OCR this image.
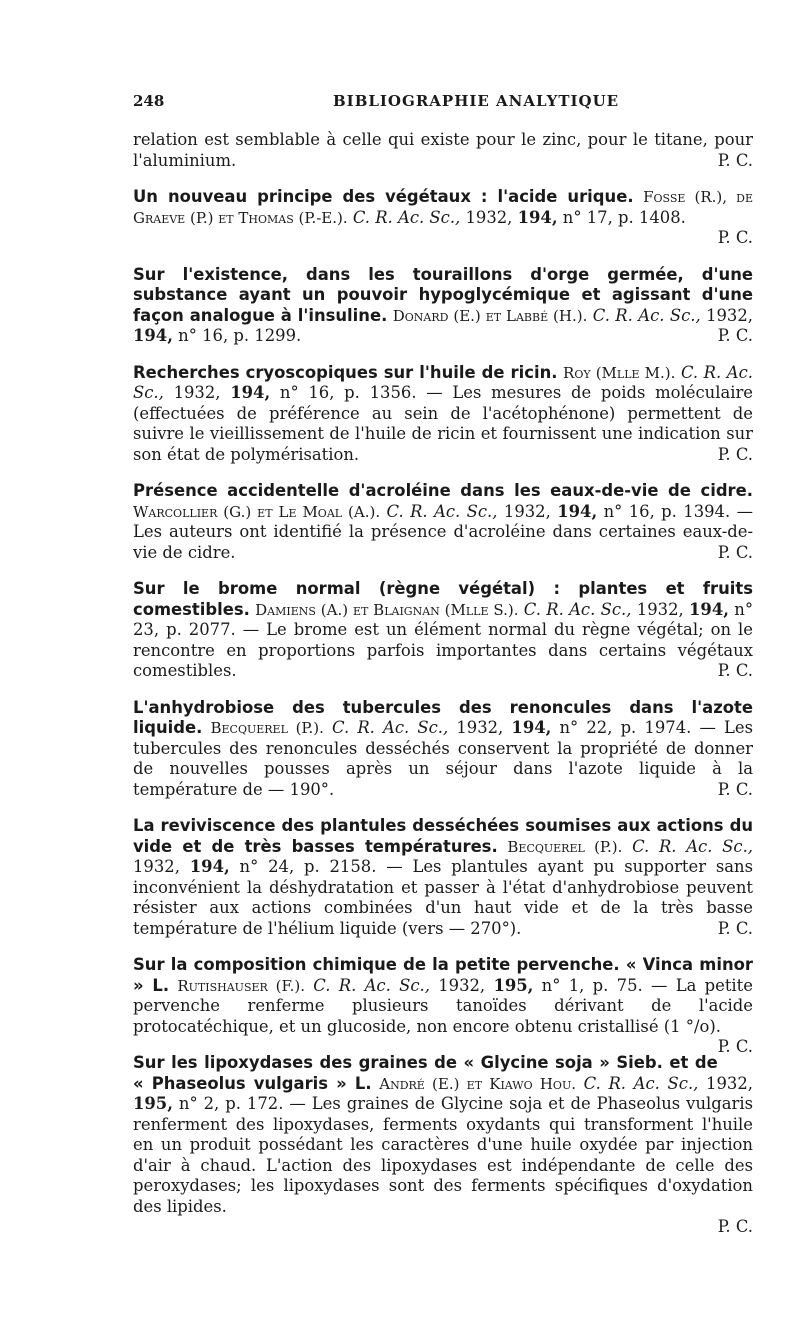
248	BIBLIOGRAPHIE ANALYTIQUE

relation est semblable à celle qui existe pour le zinc, pour le titane, pour l'aluminium.	P. C.

Un nouveau principe des végétaux : l'acide urique. Fosse (R.), de Graeve (P.) et Thomas (P.-E.). C. R. Ac. Sc., 1932, 194, n° 17, p. 1408.
P. C.

Sur l'existence, dans les touraillons d'orge germée, d'une substance ayant un pouvoir hypoglycémique et agissant d'une façon analogue à l'insuline. Donard (E.) et Labbé (H.). C. R. Ac. Sc., 1932, 194, n° 16, p. 1299.	P. C.

Recherches cryoscopiques sur l'huile de ricin. Roy (Mlle M.). C. R. Ac. Sc., 1932, 194, n° 16, p. 1356. — Les mesures de poids moléculaire (effectuées de préférence au sein de l'acétophénone) permettent de suivre le vieillissement de l'huile de ricin et fournissent une indication sur son état de polymérisation.	P. C.

Présence accidentelle d'acroléine dans les eaux-de-vie de cidre. Warcollier (G.) et Le Moal (A.). C. R. Ac. Sc., 1932, 194, n° 16, p. 1394. — Les auteurs ont identifié la présence d'acroléine dans certaines eaux-de-vie de cidre.	P. C.

Sur le brome normal (règne végétal) : plantes et fruits comestibles. Damiens (A.) et Blaignan (Mlle S.). C. R. Ac. Sc., 1932, 194, n° 23, p. 2077. — Le brome est un élément normal du règne végétal; on le rencontre en proportions parfois importantes dans certains végétaux comestibles.	P. C.

L'anhydrobiose des tubercules des renoncules dans l'azote liquide. Becquerel (P.). C. R. Ac. Sc., 1932, 194, n° 22, p. 1974. — Les tubercules des renoncules desséchés conservent la propriété de donner de nouvelles pousses après un séjour dans l'azote liquide à la température de — 190°.	P. C.

La reviviscence des plantules desséchées soumises aux actions du vide et de très basses températures. Becquerel (P.). C. R. Ac. Sc., 1932, 194, n° 24, p. 2158. — Les plantules ayant pu supporter sans inconvénient la déshydratation et passer à l'état d'anhydrobiose peuvent résister aux actions combinées d'un haut vide et de la très basse température de l'hélium liquide (vers — 270°).	P. C.

Sur la composition chimique de la petite pervenche. « Vinca minor » L. Rutishauser (F.). C. R. Ac. Sc., 1932, 195, n° 1, p. 75. — La petite pervenche renferme plusieurs tanoïdes dérivant de l'acide protocatéchique, et un glucoside, non encore obtenu cristallisé (1 °/o).
P. C.

Sur les lipoxydases des graines de « Glycine soja » Sieb. et de « Phaseolus vulgaris » L. André (E.) et Kiawo Hou. C. R. Ac. Sc., 1932, 195, n° 2, p. 172. — Les graines de Glycine soja et de Phaseolus vulgaris renferment des lipoxydases, ferments oxydants qui transforment l'huile en un produit possédant les caractères d'une huile oxydée par injection d'air à chaud. L'action des lipoxydases est indépendante de celle des peroxydases; les lipoxydases sont des ferments spécifiques d'oxydation des lipides.
P. C.
